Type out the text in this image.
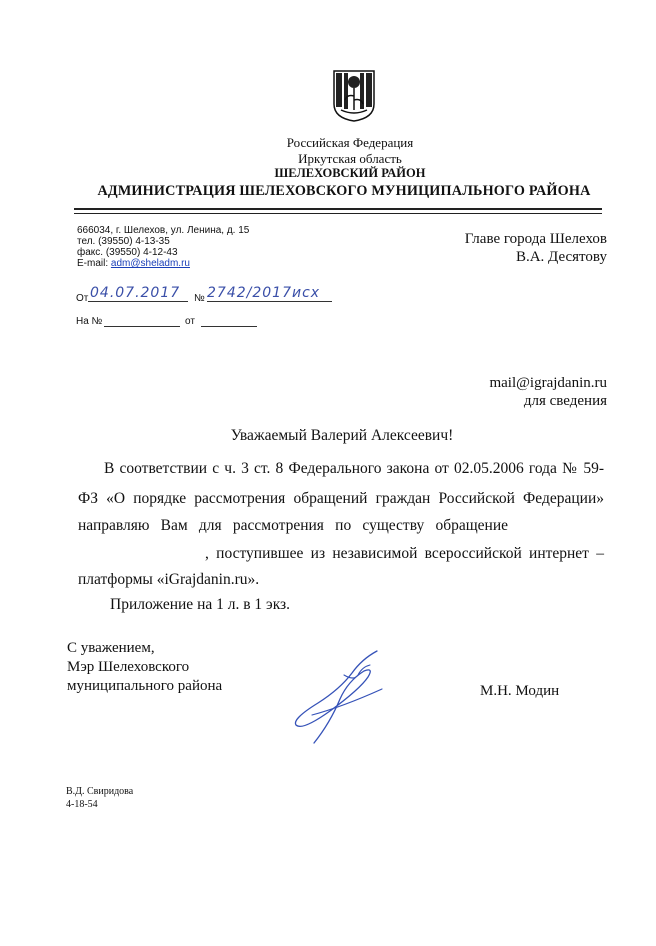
Российская Федерация
Иркутская область
ШЕЛЕХОВСКИЙ РАЙОН
АДМИНИСТРАЦИЯ ШЕЛЕХОВСКОГО МУНИЦИПАЛЬНОГО РАЙОНА
666034, г. Шелехов, ул. Ленина, д. 15
тел. (39550) 4-13-35
факс. (39550) 4-12-43
E-mail: adm@sheladm.ru
Главе города Шелехов
В.А. Десятову
От 04.07.2017 № 2742/2017исх
На №	от
mail@igrajdanin.ru
для сведения
Уважаемый Валерий Алексеевич!
В соответствии с ч. 3 ст. 8 Федерального закона от 02.05.2006 года № 59-
ФЗ «О порядке рассмотрения обращений граждан Российской Федерации»
направляю Вам для рассмотрения по существу обращение
, поступившее из независимой всероссийской интернет –
платформы «iGrajdanin.ru».
Приложение на 1 л. в 1 экз.
С уважением,
Мэр Шелеховского
муниципального района	М.Н. Модин
В.Д. Свиридова
4-18-54
